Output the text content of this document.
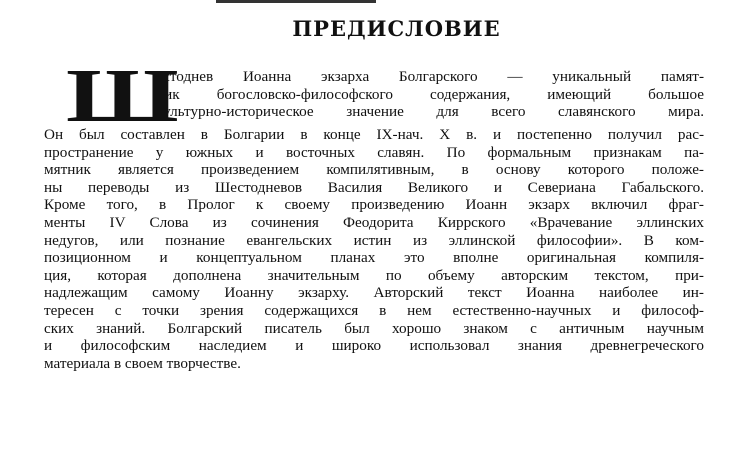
ПРЕДИСЛОВИЕ
Ш
естоднев Иоанна экзарха Болгарского — уникальный памят-
ник богословско-философского содержания, имеющий большое
культурно-историческое значение для всего славянского мира.
Он был составлен в Болгарии в конце IX-нач. X в. и постепенно получил рас-
пространение у южных и восточных славян. По формальным признакам па-
мятник является произведением компилятивным, в основу которого положе-
ны переводы из Шестодневов Василия Великого и Севериана Габальского.
Кроме того, в Пролог к своему произведению Иоанн экзарх включил фраг-
менты IV Слова из сочинения Феодорита Киррского «Врачевание эллинских
недугов, или познание евангельских истин из эллинской философии». В ком-
позиционном и концептуальном планах это вполне оригинальная компиля-
ция, которая дополнена значительным по объему авторским текстом, при-
надлежащим самому Иоанну экзарху. Авторский текст Иоанна наиболее ин-
тересен с точки зрения содержащихся в нем естественно-научных и философ-
ских знаний. Болгарский писатель был хорошо знаком с античным научным
и философским наследием и широко использовал знания древнегреческого
материала в своем творчестве.
